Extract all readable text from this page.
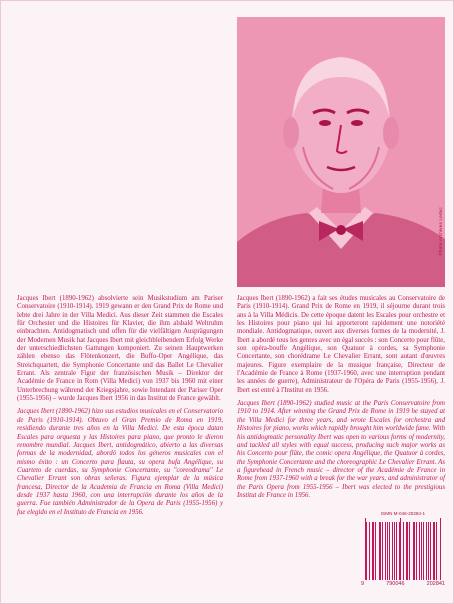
Photo Archives Leduc

Jacques Ibert (1890-1962) absolvierte sein Musikstudium am Pariser Conservatoire (1910-1914). 1919 gewann er den Grand Prix de Rome und lebte drei Jahre in der Villa Medici. Aus dieser Zeit stammen die Escales für Orchester und die Histoires für Klavier, die ihm alsbald Weltruhm einbrachten. Antidogmatisch und offen für die vielfältigen Ausprägungen der Modernen Musik hat Jacques Ibert mit gleichbleibendem Erfolg Werke der unterschiedlichsten Gattungen komponiert. Zu seinen Hauptwerken zählen ebenso das Flötenkonzert, die Buffo-Oper Angélique, das Streichquartett, die Symphonie Concertante und das Ballet Le Chevalier Errant. Als zentrale Figur der französischen Musik – Direktor der Académie de France in Rom (Villa Medici) von 1937 bis 1960 mit einer Unterbrechung während der Kriegsjahre, sowie Intendant der Pariser Oper (1955-1956) – wurde Jacques Ibert 1956 in das Institut de France gewählt.

Jacques Ibert (1890-1962) hizo sus estudios musicales en el Conservatorio de Paris (1910-1914). Obtuvo el Gran Premio de Roma en 1919, residiendo durante tres años en la Villa Medici. De esta época datan Escales para orquesta y las Histoires para piano, que pronto le dieron renombre mundial. Jacques Ibert, antidogmático, abierto a las diversas formas de la modernidad, abordó todos los géneros musicales con el mismo éxito : un Concerto para flauta, su opera bufa Angélique, su Cuarteto de cuerdas, su Symphonie Concertante, su "coreodrama" Le Chevalier Errant son obras señeras. Figura ejemplar de la música francesa, Director de la Academia de Francia en Roma (Villa Medici) desde 1937 hasta 1960, con una interrupción durante los años de la guerra. Fue también Administrador de la Opera de Paris (1955-1956) y fue elegido en el Instituto de Francia en 1956.

Jacques Ibert (1890-1962) a fait ses études musicales au Conservatoire de Paris (1910-1914). Grand Prix de Rome en 1919, il séjourne durant trois ans à la Villa Médicis. De cette époque datent les Escales pour orchestre et les Histoires pour piano qui lui apporteront rapidement une notoriété mondiale. Antidogmatique, ouvert aux diverses formes de la modernité, J. Ibert a abordé tous les genres avec un égal succès : son Concerto pour flûte, son opéra-bouffe Angélique, son Quatuor à cordes, sa Symphonie Concertante, son chorédrame Le Chevalier Errant, sont autant d'œuvres majeures. Figure exemplaire de la musique française, Directeur de l'Académie de France à Rome (1937-1960, avec une interruption pendant les années de guerre), Administrateur de l'Opéra de Paris (1955-1956), J. Ibert est entré à l'Institut en 1956.

Jacques Ibert (1890-1962) studied music at the Paris Conservatoire from 1910 to 1914. After winning the Grand Prix de Rome in 1919 he stayed at the Villa Medici for three years, and wrote Escales for orchestra and Histoires for piano, works which rapidly brought him worldwide fame. With his antidogmatic personality Ibert was open to various forms of modernity, and tackled all styles with equal success, producing such major works as his Concerto pour flûte, the comic opera Angélique, the Quatuor à cordes, the Symphonie Concertante and the choreographic Le Chevalier Errant. As a figurehead in French music – director of the Académie de France in Rome from 1937-1960 with a break for the war years, and administrator of the Paris Opera from 1955-1956 – Ibert was elected to the prestigious Institut de France in 1956.

ISMN M-046-20284-1
9	790046	202841
